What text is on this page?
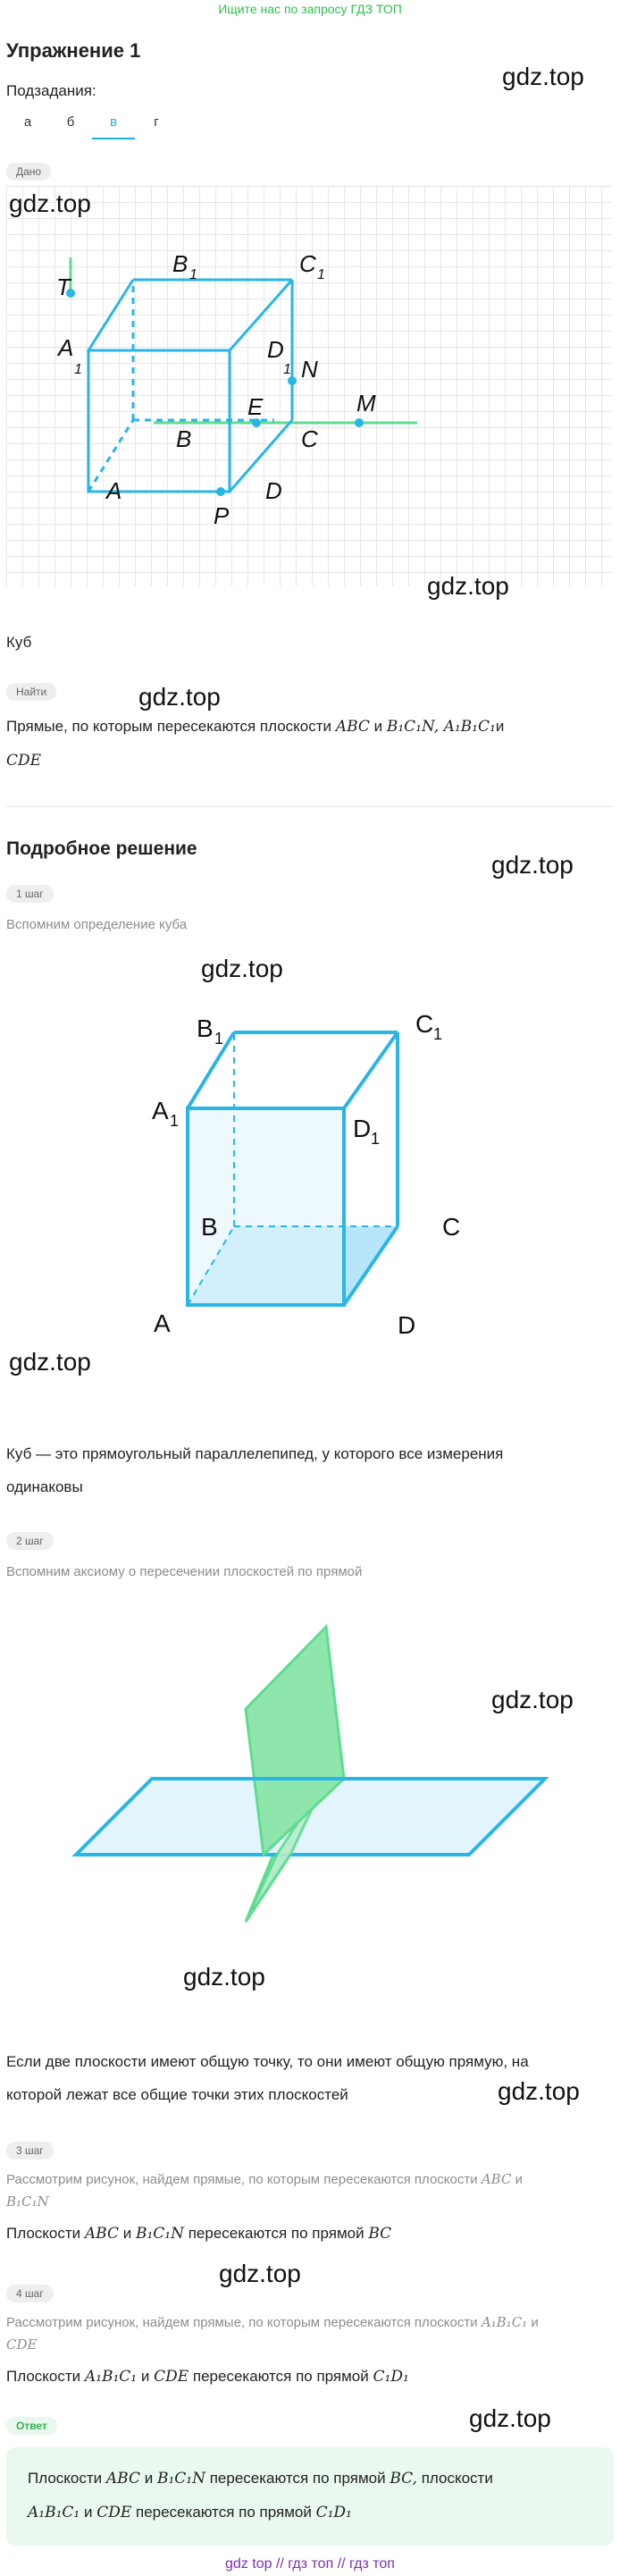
Ищите нас по запросу ГДЗ ТОП
Упражнение 1
gdz.top
Подзадания:
а	б	в	г
Дано
T
B 1	C 1
A
1
D
1 N
E	M
B	C
A	D
P
gdz.top
gdz.top
Куб
Найти	gdz.top
Прямые, по которым пересекаются плоскости ABC и B₁C₁N, A₁B₁C₁и
CDE
Подробное решение
gdz.top
1 шаг
Вспомним определение куба
gdz.top
B 1
C 1
A 1	D 1
B	C
A	D
gdz.top
Куб — это прямоугольный параллелепипед, у которого все измерения одинаковы
2 шаг
Вспомним аксиому о пересечении плоскостей по прямой
gdz.top
gdz.top
Если две плоскости имеют общую точку, то они имеют общую прямую, на которой лежат все общие точки этих плоскостей	gdz.top
3 шаг
Рассмотрим рисунок, найдем прямые, по которым пересекаются плоскости ABC и
B₁C₁N
Плоскости ABC и B₁C₁N пересекаются по прямой BC
gdz.top
4 шаг
Рассмотрим рисунок, найдем прямые, по которым пересекаются плоскости A₁B₁C₁ и
CDE
Плоскости A₁B₁C₁ и CDE пересекаются по прямой C₁D₁
Ответ	gdz.top
Плоскости ABC и B₁C₁N пересекаются по прямой BC, плоскости
A₁B₁C₁ и CDE пересекаются по прямой C₁D₁
gdz top // гдз топ // гдз топ
